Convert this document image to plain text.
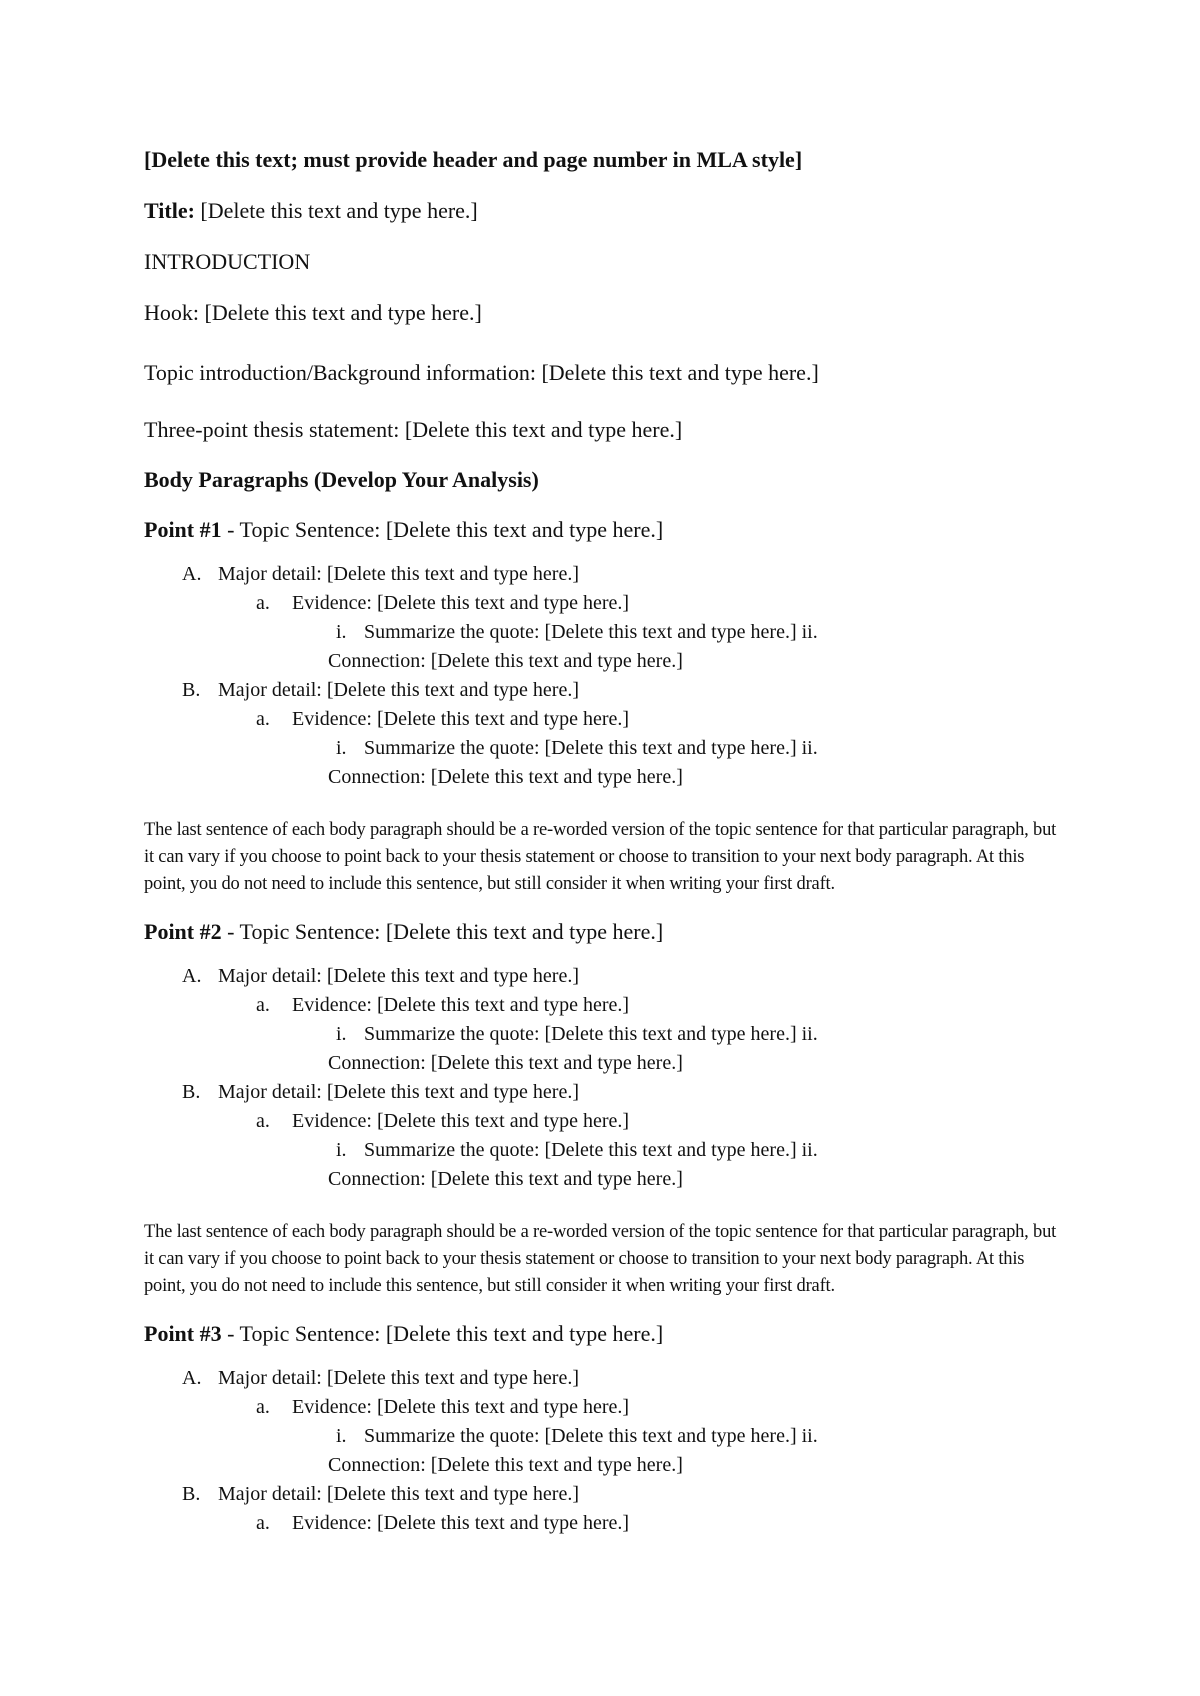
[Delete this text; must provide header and page number in MLA style]

Title: [Delete this text and type here.]

INTRODUCTION

Hook: [Delete this text and type here.]

Topic introduction/Background information: [Delete this text and type here.]

Three-point thesis statement: [Delete this text and type here.]

Body Paragraphs (Develop Your Analysis)

Point #1 - Topic Sentence: [Delete this text and type here.]

A. Major detail: [Delete this text and type here.]
a. Evidence: [Delete this text and type here.]
i. Summarize the quote: [Delete this text and type here.] ii.
Connection: [Delete this text and type here.]
B. Major detail: [Delete this text and type here.]
a. Evidence: [Delete this text and type here.]
i. Summarize the quote: [Delete this text and type here.] ii.
Connection: [Delete this text and type here.]

The last sentence of each body paragraph should be a re-worded version of the topic sentence for that particular paragraph, but it can vary if you choose to point back to your thesis statement or choose to transition to your next body paragraph. At this point, you do not need to include this sentence, but still consider it when writing your first draft.

Point #2 - Topic Sentence: [Delete this text and type here.]

A. Major detail: [Delete this text and type here.]
a. Evidence: [Delete this text and type here.]
i. Summarize the quote: [Delete this text and type here.] ii.
Connection: [Delete this text and type here.]
B. Major detail: [Delete this text and type here.]
a. Evidence: [Delete this text and type here.]
i. Summarize the quote: [Delete this text and type here.] ii.
Connection: [Delete this text and type here.]

The last sentence of each body paragraph should be a re-worded version of the topic sentence for that particular paragraph, but it can vary if you choose to point back to your thesis statement or choose to transition to your next body paragraph. At this point, you do not need to include this sentence, but still consider it when writing your first draft.

Point #3 - Topic Sentence: [Delete this text and type here.]

A. Major detail: [Delete this text and type here.]
a. Evidence: [Delete this text and type here.]
i. Summarize the quote: [Delete this text and type here.] ii.
Connection: [Delete this text and type here.]
B. Major detail: [Delete this text and type here.]
a. Evidence: [Delete this text and type here.]
